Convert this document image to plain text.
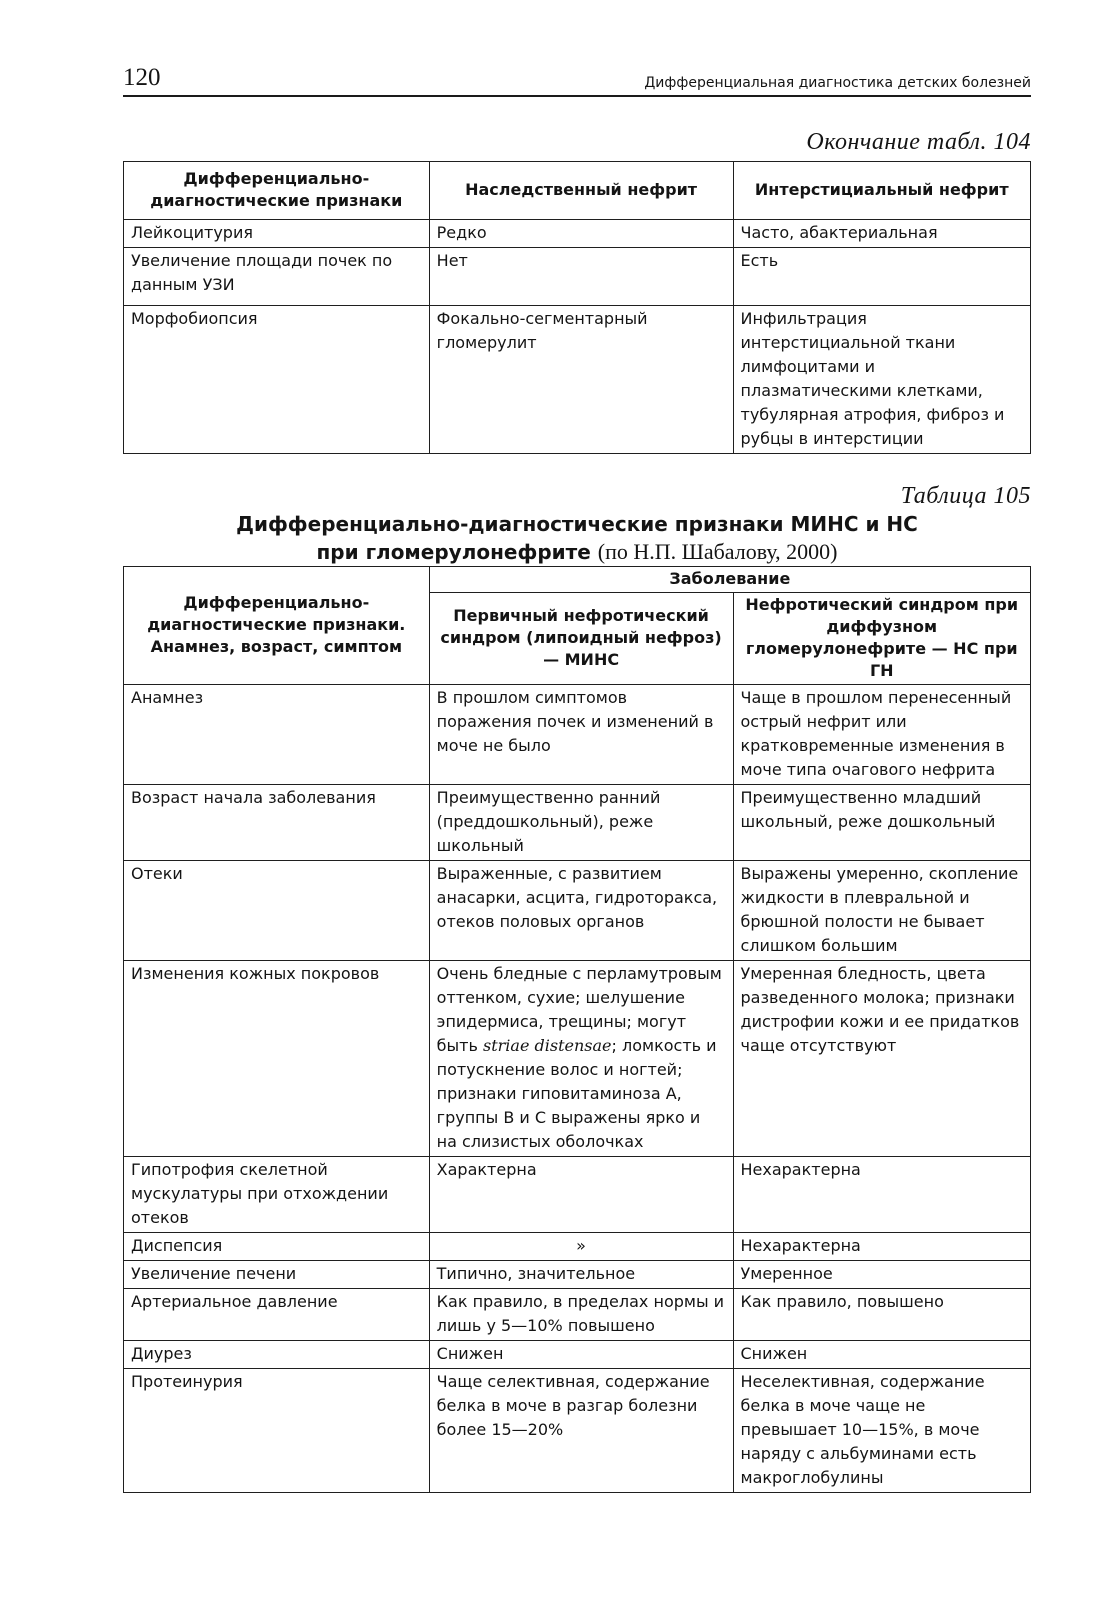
120	Дифференциальная диагностика детских болезней
Окончание табл. 104
Дифференциально-диагностические признаки	Наследственный нефрит	Интерстициальный нефрит
Лейкоцитурия	Редко	Часто, абактериальная
Увеличение площади почек по данным УЗИ	Нет	Есть
Морфобиопсия	Фокально-сегментарный гломерулит	Инфильтрация интерстициальной ткани лимфоцитами и плазматическими клетками, тубулярная атрофия, фиброз и рубцы в интерстиции
Таблица 105
Дифференциально-диагностические признаки МИНС и НС
при гломерулонефрите (по Н.П. Шабалову, 2000)
Дифференциально-диагностические признаки. Анамнез, возраст, симптом	Заболевание	
	Первичный нефротический синдром (липоидный нефроз) — МИНС	Нефротический синдром при диффузном гломерулонефрите — НС при ГН
Анамнез	В прошлом симптомов поражения почек и изменений в моче не было	Чаще в прошлом перенесенный острый нефрит или кратковременные изменения в моче типа очагового нефрита
Возраст начала заболевания	Преимущественно ранний (преддошкольный), реже школьный	Преимущественно младший школьный, реже дошкольный
Отеки	Выраженные, с развитием анасарки, асцита, гидроторакса, отеков половых органов	Выражены умеренно, скопление жидкости в плевральной и брюшной полости не бывает слишком большим
Изменения кожных покровов	Очень бледные с перламутровым оттенком, сухие; шелушение эпидермиса, трещины; могут быть striae distensae; ломкость и потускнение волос и ногтей; признаки гиповитаминоза А, группы В и С выражены ярко и на слизистых оболочках	Умеренная бледность, цвета разведенного молока; признаки дистрофии кожи и ее придатков чаще отсутствуют
Гипотрофия скелетной мускулатуры при отхождении отеков	Характерна	Нехарактерна
Диспепсия	»	Нехарактерна
Увеличение печени	Типично, значительное	Умеренное
Артериальное давление	Как правило, в пределах нормы и лишь у 5—10% повышено	Как правило, повышено
Диурез	Снижен	Снижен
Протеинурия	Чаще селективная, содержание белка в моче в разгар болезни более 15—20%	Неселективная, содержание белка в моче чаще не превышает 10—15%, в моче наряду с альбуминами есть макроглобулины
